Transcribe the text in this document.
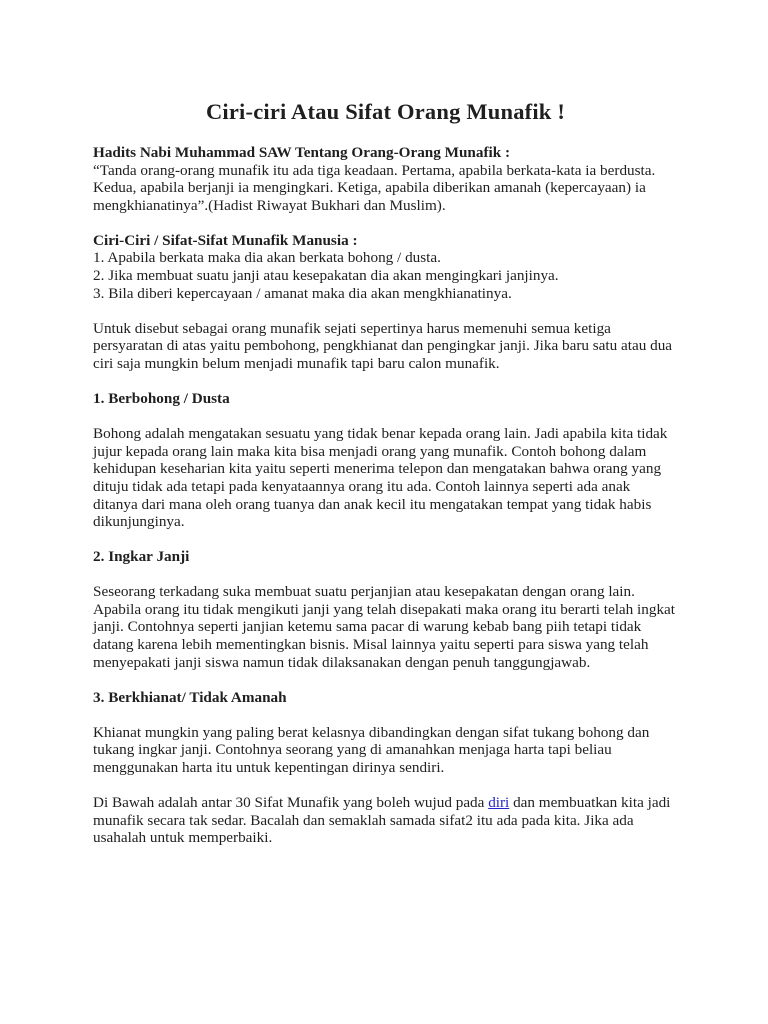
Ciri-ciri Atau Sifat Orang Munafik !

Hadits Nabi Muhammad SAW Tentang Orang-Orang Munafik :

“Tanda orang-orang munafik itu ada tiga keadaan. Pertama, apabila berkata-kata ia berdusta. Kedua, apabila berjanji ia mengingkari. Ketiga, apabila diberikan amanah (kepercayaan) ia mengkhianatinya”.(Hadist Riwayat Bukhari dan Muslim).

Ciri-Ciri / Sifat-Sifat Munafik Manusia :

1. Apabila berkata maka dia akan berkata bohong / dusta.
2. Jika membuat suatu janji atau kesepakatan dia akan mengingkari janjinya.
3. Bila diberi kepercayaan / amanat maka dia akan mengkhianatinya.

Untuk disebut sebagai orang munafik sejati sepertinya harus memenuhi semua ketiga persyaratan di atas yaitu pembohong, pengkhianat dan pengingkar janji. Jika baru satu atau dua ciri saja mungkin belum menjadi munafik tapi baru calon munafik.

1. Berbohong / Dusta

Bohong adalah mengatakan sesuatu yang tidak benar kepada orang lain. Jadi apabila kita tidak jujur kepada orang lain maka kita bisa menjadi orang yang munafik. Contoh bohong dalam kehidupan keseharian kita yaitu seperti menerima telepon dan mengatakan bahwa orang yang dituju tidak ada tetapi pada kenyataannya orang itu ada. Contoh lainnya seperti ada anak ditanya dari mana oleh orang tuanya dan anak kecil itu mengatakan tempat yang tidak habis dikunjunginya.

2. Ingkar Janji

Seseorang terkadang suka membuat suatu perjanjian atau kesepakatan dengan orang lain. Apabila orang itu tidak mengikuti janji yang telah disepakati maka orang itu berarti telah ingkat janji. Contohnya seperti janjian ketemu sama pacar di warung kebab bang piih tetapi tidak datang karena lebih mementingkan bisnis. Misal lainnya yaitu seperti para siswa yang telah menyepakati janji siswa namun tidak dilaksanakan dengan penuh tanggungjawab.

3. Berkhianat/ Tidak Amanah

Khianat mungkin yang paling berat kelasnya dibandingkan dengan sifat tukang bohong dan tukang ingkar janji. Contohnya seorang yang di amanahkan menjaga harta tapi beliau menggunakan harta itu untuk kepentingan dirinya sendiri.

Di Bawah adalah antar 30 Sifat Munafik yang boleh wujud pada diri dan membuatkan kita jadi munafik secara tak sedar. Bacalah dan semaklah samada sifat2 itu ada pada kita. Jika ada usahalah untuk memperbaiki.
